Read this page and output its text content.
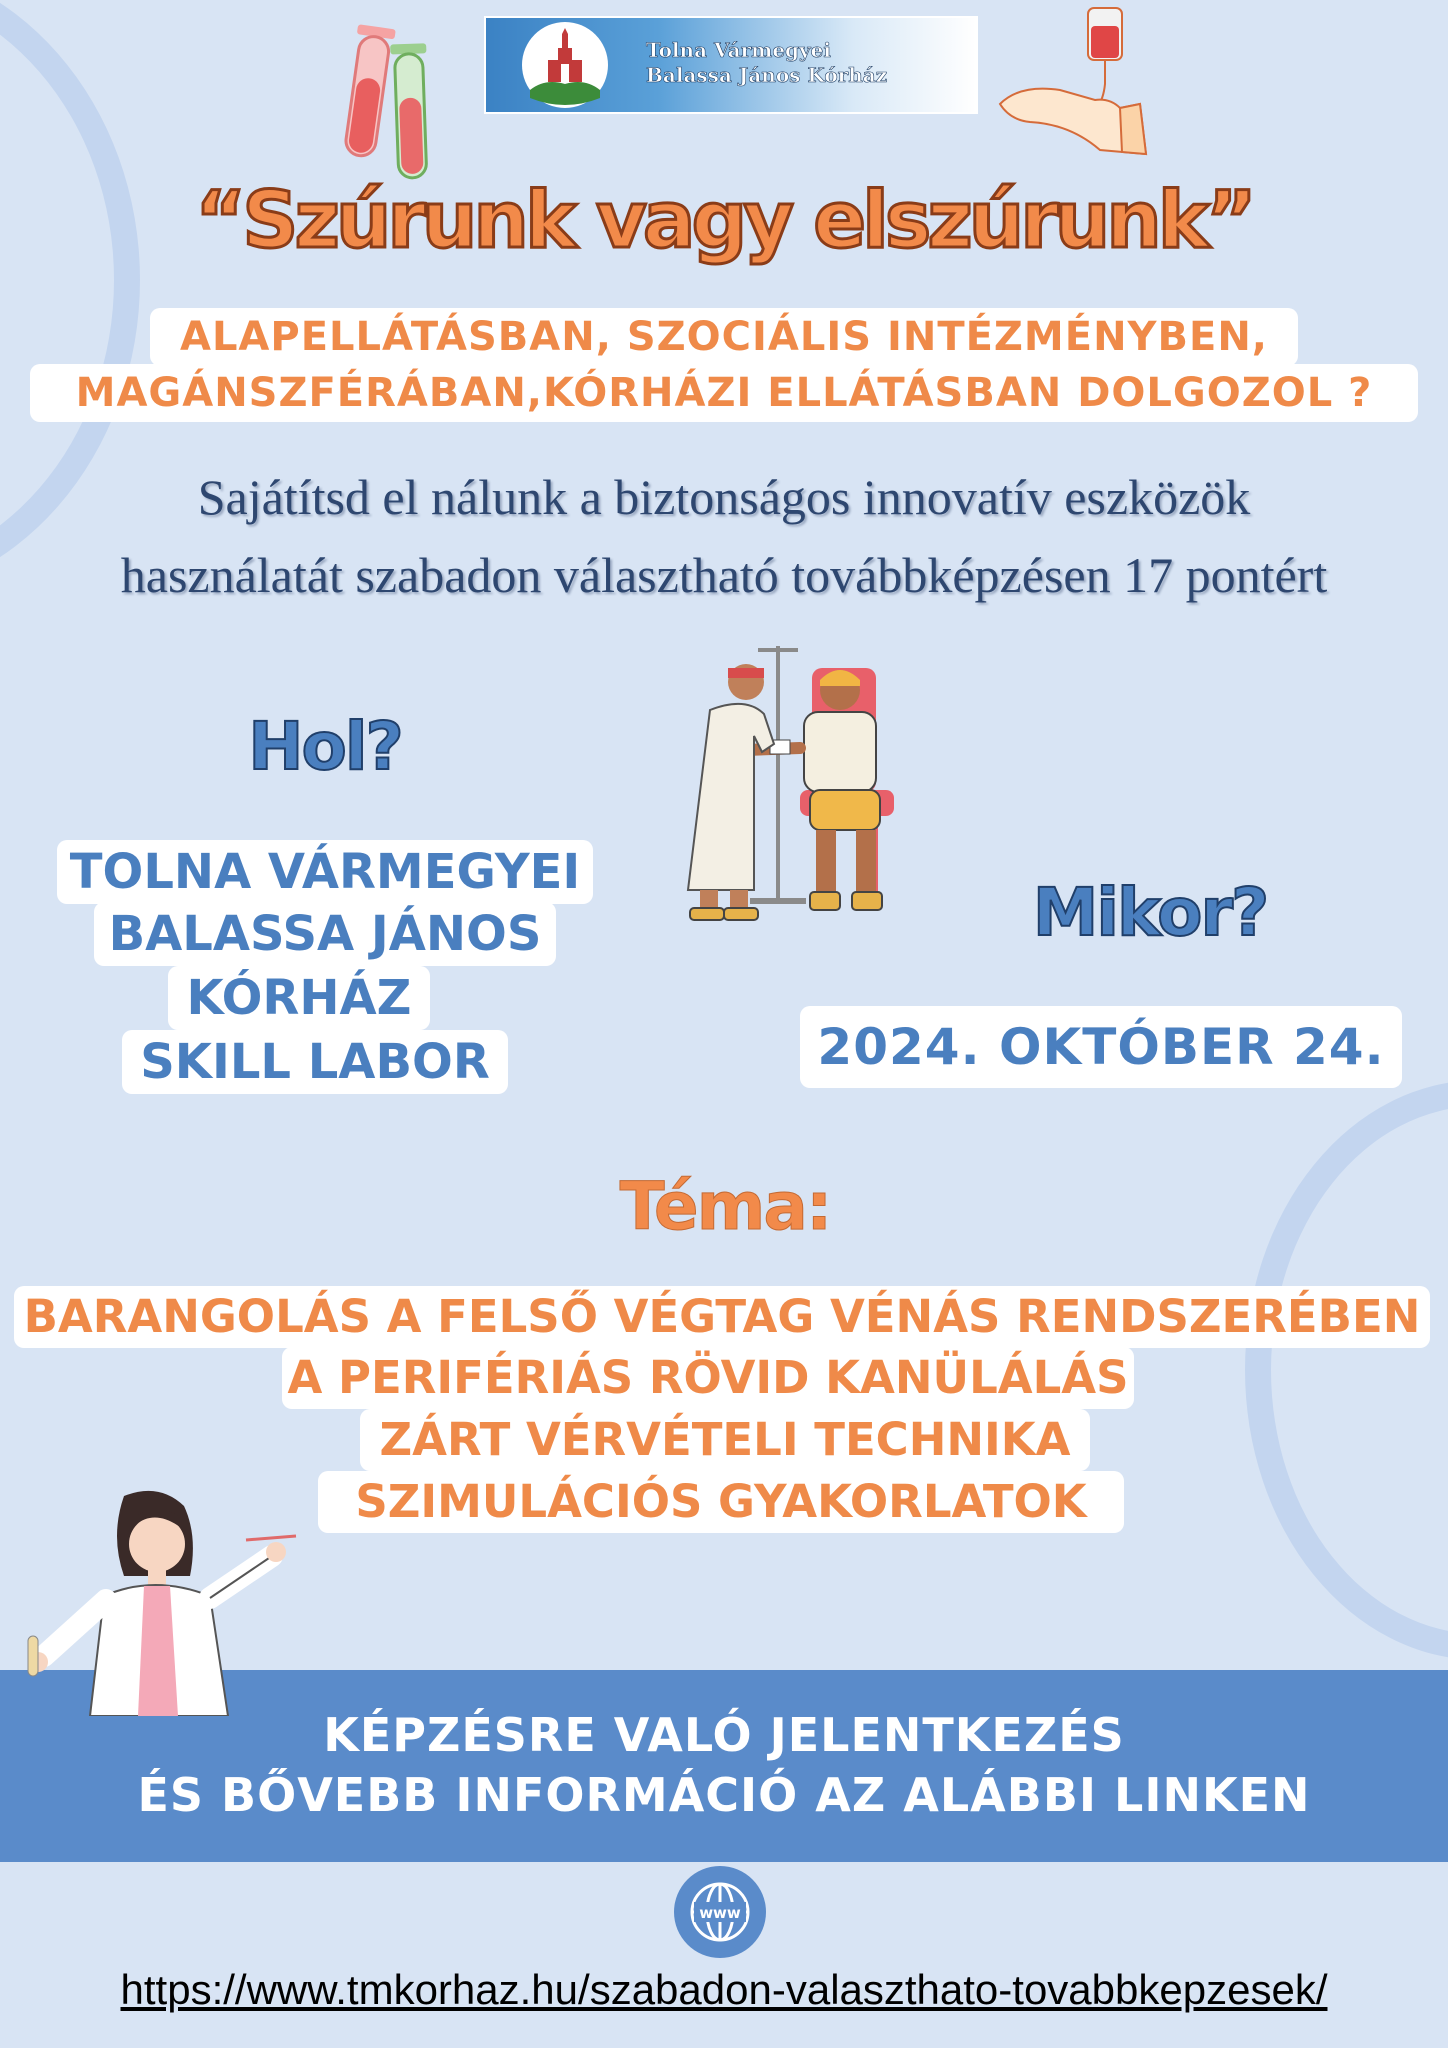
Tolna Vármegyei
Balassa János Kórház
“Szúrunk vagy elszúrunk”
ALAPELLÁTÁSBAN, SZOCIÁLIS INTÉZMÉNYBEN,
MAGÁNSZFÉRÁBAN,KÓRHÁZI ELLÁTÁSBAN DOLGOZOL ?
Sajátítsd el nálunk a biztonságos innovatív eszközök
használatát szabadon választható továbbképzésen 17 pontért
Hol?
TOLNA VÁRMEGYEI
BALASSA JÁNOS
KÓRHÁZ
SKILL LABOR
Mikor?
2024. OKTÓBER 24.
Téma:
BARANGOLÁS A FELSŐ VÉGTAG VÉNÁS RENDSZERÉBEN
A PERIFÉRIÁS RÖVID KANÜLÁLÁS
ZÁRT VÉRVÉTELI TECHNIKA
SZIMULÁCIÓS GYAKORLATOK
KÉPZÉSRE VALÓ JELENTKEZÉS
ÉS BŐVEBB INFORMÁCIÓ AZ ALÁBBI LINKEN
www
https://www.tmkorhaz.hu/szabadon-valaszthato-tovabbkepzesek/
